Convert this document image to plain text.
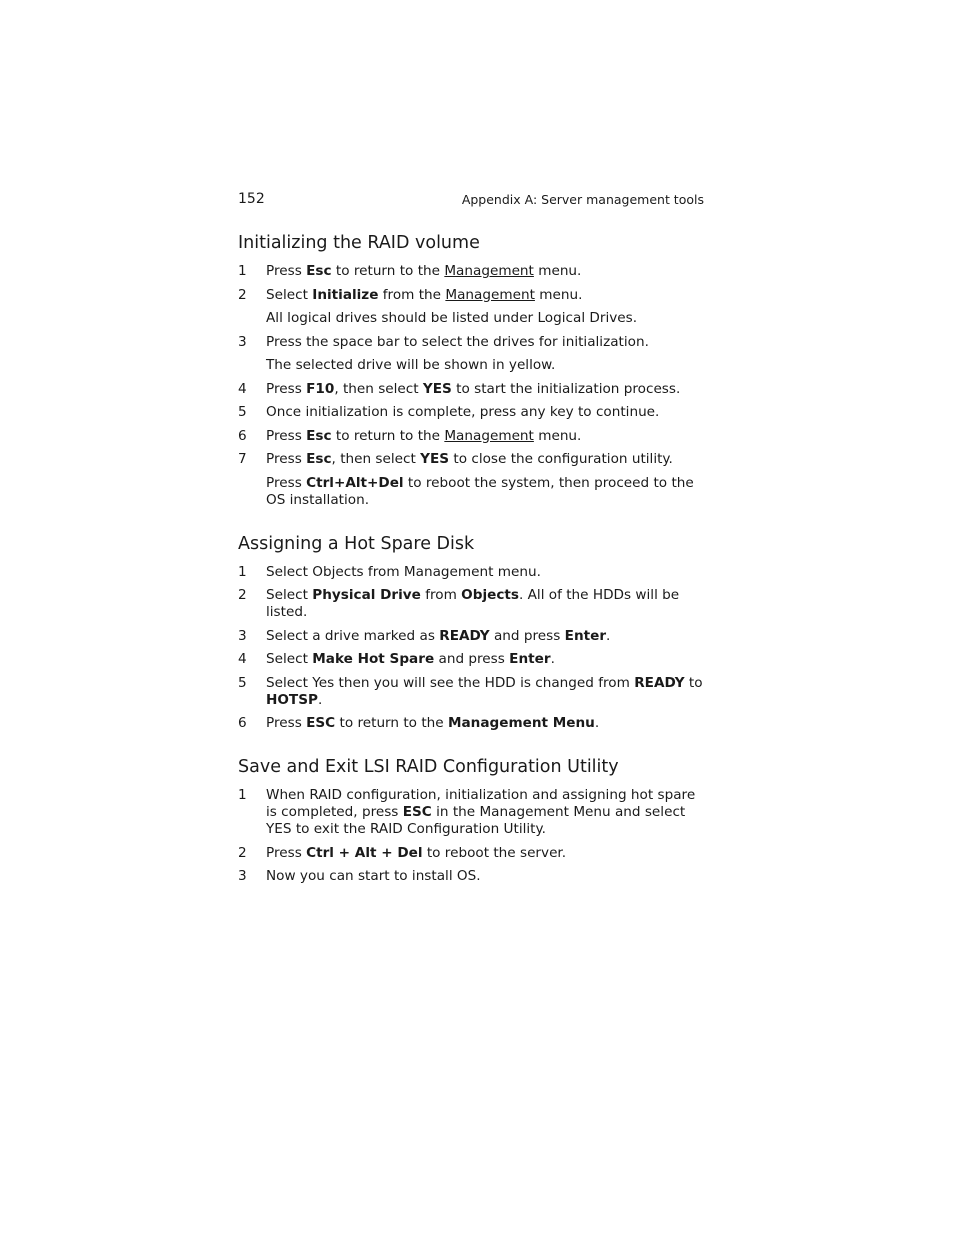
152	Appendix A: Server management tools
Initializing the RAID volume
1 Press Esc to return to the Management menu.
2 Select Initialize from the Management menu.
All logical drives should be listed under Logical Drives.
3 Press the space bar to select the drives for initialization.
The selected drive will be shown in yellow.
4 Press F10, then select YES to start the initialization process.
5 Once initialization is complete, press any key to continue.
6 Press Esc to return to the Management menu.
7 Press Esc, then select YES to close the configuration utility.
Press Ctrl+Alt+Del to reboot the system, then proceed to the OS installation.
Assigning a Hot Spare Disk
1 Select Objects from Management menu.
2 Select Physical Drive from Objects. All of the HDDs will be listed.
3 Select a drive marked as READY and press Enter.
4 Select Make Hot Spare and press Enter.
5 Select Yes then you will see the HDD is changed from READY to HOTSP.
6 Press ESC to return to the Management Menu.
Save and Exit LSI RAID Configuration Utility
1 When RAID configuration, initialization and assigning hot spare is completed, press ESC in the Management Menu and select YES to exit the RAID Configuration Utility.
2 Press Ctrl + Alt + Del to reboot the server.
3 Now you can start to install OS.
